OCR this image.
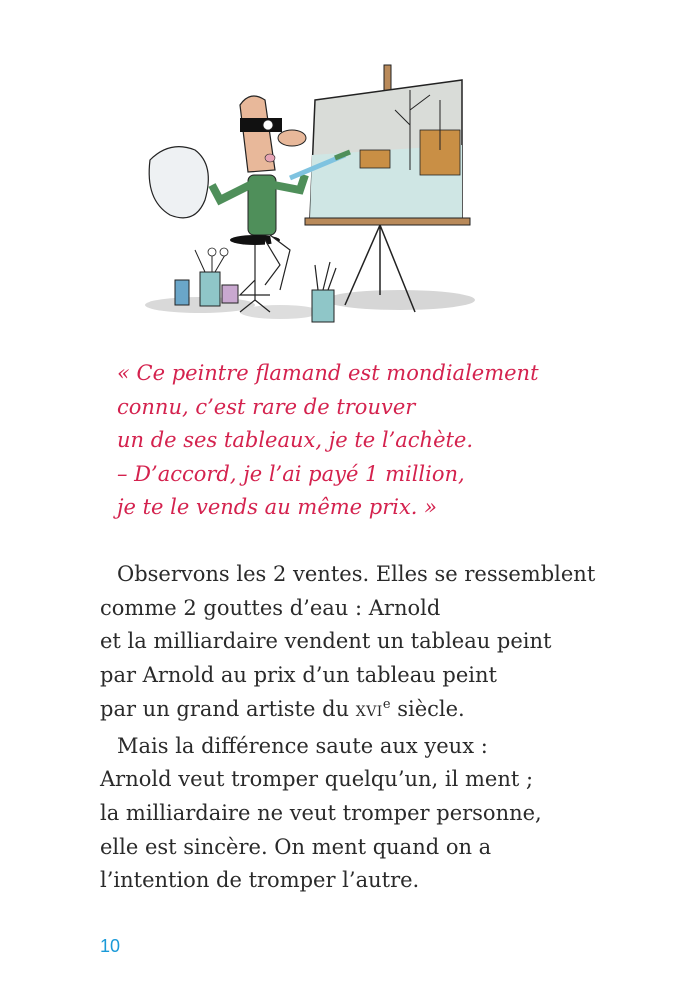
« Ce peintre flamand est mondialement
connu, c’est rare de trouver
un de ses tableaux, je te l’achète.
– D’accord, je l’ai payé 1 million,
je te le vends au même prix. »
Observons les 2 ventes. Elles se ressemblent
comme 2 gouttes d’eau : Arnold
et la milliardaire vendent un tableau peint
par Arnold au prix d’un tableau peint
par un grand artiste du XVIe siècle.
Mais la différence saute aux yeux :
Arnold veut tromper quelqu’un, il ment ;
la milliardaire ne veut tromper personne,
elle est sincère. On ment quand on a
l’intention de tromper l’autre.
10
